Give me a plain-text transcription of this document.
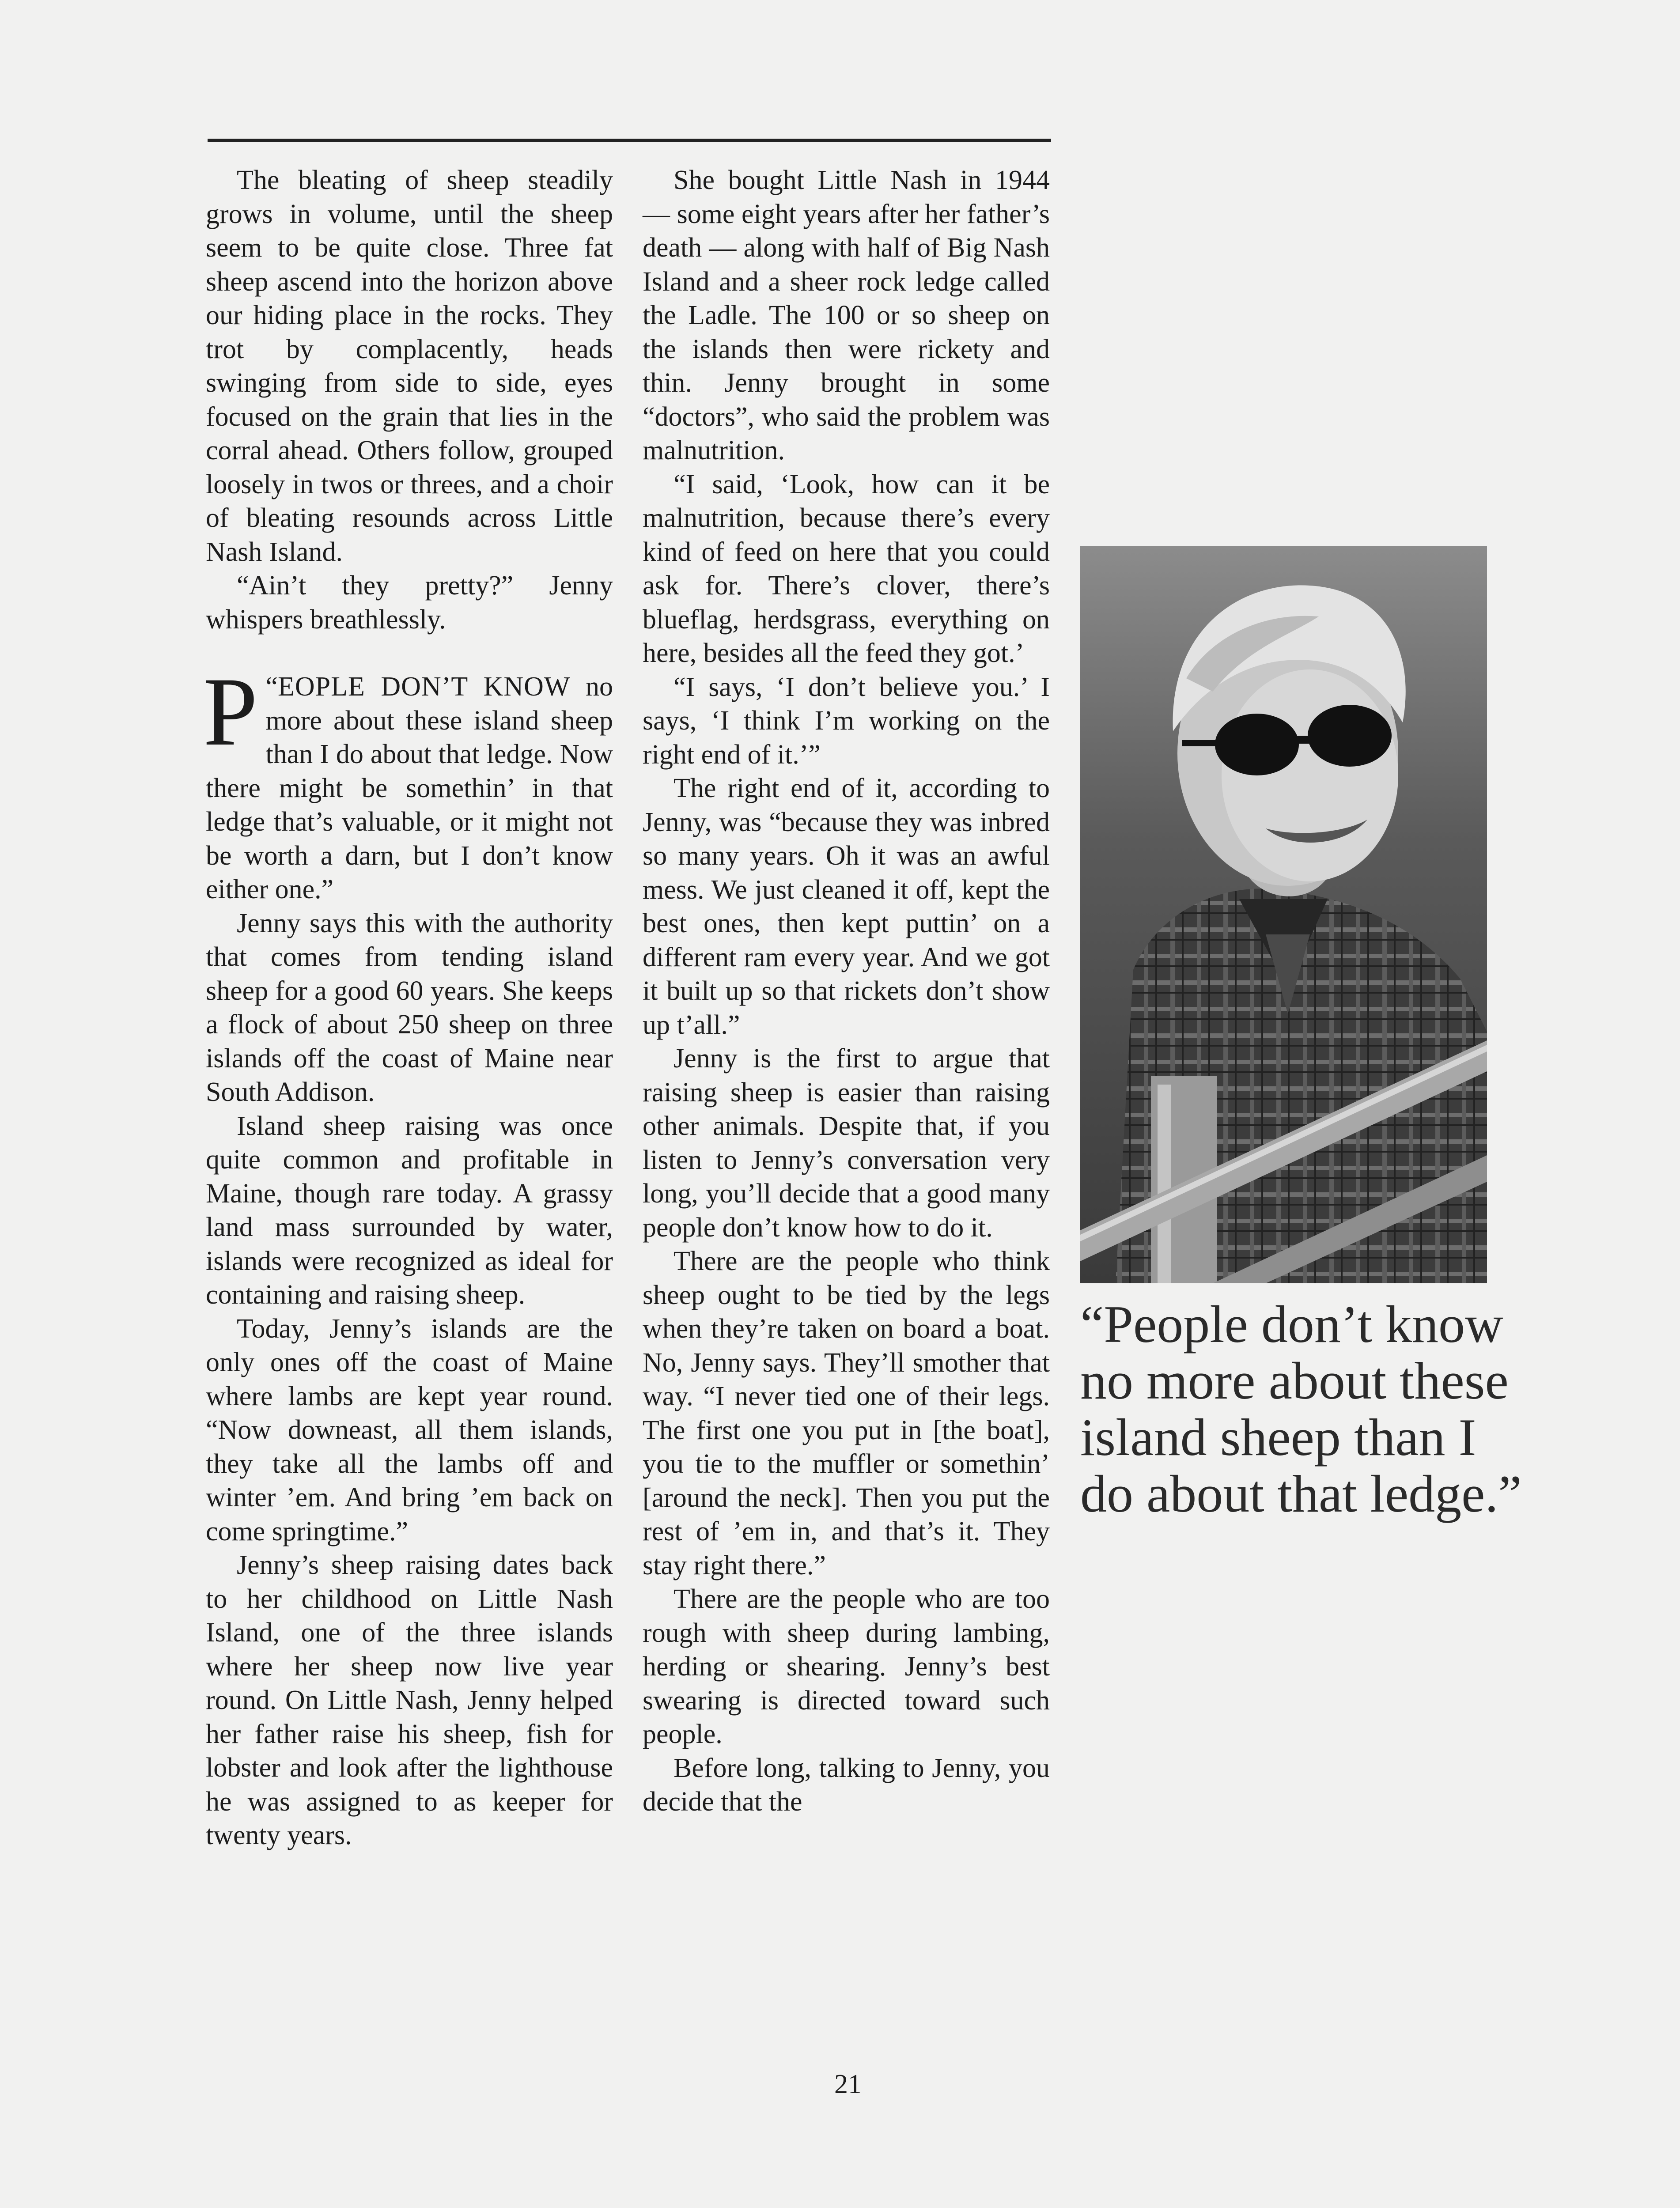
The bleating of sheep steadily grows in volume, until the sheep seem to be quite close. Three fat sheep ascend into the horizon above our hiding place in the rocks. They trot by complacently, heads swinging from side to side, eyes focused on the grain that lies in the corral ahead. Others follow, grouped loosely in twos or threes, and a choir of bleating resounds across Little Nash Island.

“Ain’t they pretty?” Jenny whispers breathlessly.

“
P EOPLE DON’T KNOW no more about these island sheep than I do about that ledge. Now there might be somethin’ in that ledge that’s valuable, or it might not be worth a darn, but I don’t know either one.”

Jenny says this with the authority that comes from tending island sheep for a good 60 years. She keeps a flock of about 250 sheep on three islands off the coast of Maine near South Addison.

Island sheep raising was once quite common and profitable in Maine, though rare today. A grassy land mass surrounded by water, islands were recognized as ideal for containing and raising sheep.

Today, Jenny’s islands are the only ones off the coast of Maine where lambs are kept year round. “Now downeast, all them islands, they take all the lambs off and winter ’em. And bring ’em back on come springtime.”

Jenny’s sheep raising dates back to her childhood on Little Nash Island, one of the three islands where her sheep now live year round. On Little Nash, Jenny helped her father raise his sheep, fish for lobster and look after the lighthouse he was assigned to as keeper for twenty years.

She bought Little Nash in 1944 — some eight years after her father’s death — along with half of Big Nash Island and a sheer rock ledge called the Ladle. The 100 or so sheep on the islands then were rickety and thin. Jenny brought in some “doctors”, who said the problem was malnutrition.

“I said, ‘Look, how can it be malnutrition, because there’s every kind of feed on here that you could ask for. There’s clover, there’s blueflag, herdsgrass, everything on here, besides all the feed they got.’

“I says, ‘I don’t believe you.’ I says, ‘I think I’m working on the right end of it.’”

The right end of it, according to Jenny, was “because they was inbred so many years. Oh it was an awful mess. We just cleaned it off, kept the best ones, then kept puttin’ on a different ram every year. And we got it built up so that rickets don’t show up t’all.”

Jenny is the first to argue that raising sheep is easier than raising other animals. Despite that, if you listen to Jenny’s conversation very long, you’ll decide that a good many people don’t know how to do it.

There are the people who think sheep ought to be tied by the legs when they’re taken on board a boat. No, Jenny says. They’ll smother that way. “I never tied one of their legs. The first one you put in [the boat], you tie to the muffler or somethin’ [around the neck]. Then you put the rest of ’em in, and that’s it. They stay right there.”

There are the people who are too rough with sheep during lambing, herding or shearing. Jenny’s best swearing is directed toward such people.

Before long, talking to Jenny, you decide that the

“People don’t know no more about these island sheep than I do about that ledge.”

21
